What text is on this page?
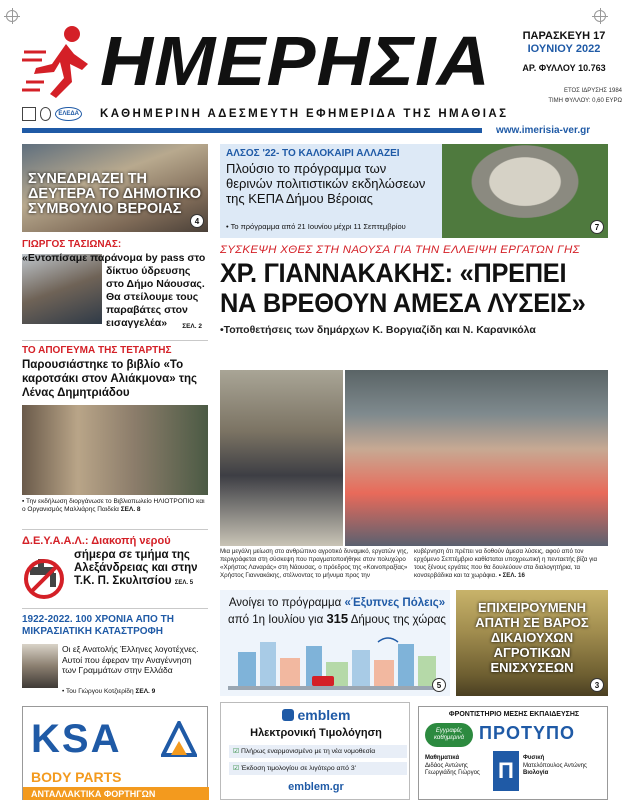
ΗΜΕΡΗΣΙΑ	ΠΑΡΑΣΚΕΥΗ 17
ΙΟΥΝΙΟΥ 2022
ΑΡ. ΦΥΛΛΟΥ 10.763
ΕΤΟΣ ΙΔΡΥΣΗΣ 1984
ΤΙΜΗ ΦΥΛΛΟΥ: 0,60 ΕΥΡΩ
ΕΛΕΔΑ ΚΑΘΗΜΕΡΙΝΗ ΑΔΕΣΜΕΥΤΗ ΕΦΗΜΕΡΙΔΑ ΤΗΣ ΗΜΑΘΙΑΣ
www.imerisia-ver.gr
ΣΥΝΕΔΡΙΑΖΕΙ ΤΗ ΔΕΥΤΕΡΑ ΤΟ ΔΗΜΟΤΙΚΟ ΣΥΜΒΟΥΛΙΟ ΒΕΡΟΙΑΣ
4
ΑΛΣΟΣ '22- ΤΟ ΚΑΛΟΚΑΙΡΙ ΑΛΛΑΖΕΙ
Πλούσιο το πρόγραμμα των θερινών πολιτιστικών εκδηλώσεων της ΚΕΠΑ Δήμου Βέροιας
• Το πρόγραμμα από 21 Ιουνίου μέχρι 11 Σεπτεμβρίου	7
ΓΙΩΡΓΟΣ ΤΑΣΙΩΝΑΣ:
«Εντοπίσαμε παράνομα by pass στο δίκτυο ύδρευσης στο Δήμο Νάουσας. Θα στείλουμε τους παραβάτες στον εισαγγελέα»	ΣΕΛ. 2
ΣΥΣΚΕΨΗ ΧΘΕΣ ΣΤΗ ΝΑΟΥΣΑ ΓΙΑ ΤΗΝ ΕΛΛΕΙΨΗ ΕΡΓΑΤΩΝ ΓΗΣ
ΧΡ. ΓΙΑΝΝΑΚΑΚΗΣ: «ΠΡΕΠΕΙ
ΝΑ ΒΡΕΘΟΥΝ ΑΜΕΣΑ ΛΥΣΕΙΣ»
•Τοποθετήσεις των δημάρχων Κ. Βοργιαζίδη και Ν. Καρανικόλα
Μια μεγάλη μείωση στο ανθρώπινο αγροτικό δυναμικό, εργατών γης, περιγράφεται στη σύσκεψη που πραγματοποιήθηκε στον πολυχώρο «Χρήστος Λαναράς» στη Νάουσας, ο πρόεδρος της «Κοινοπραξίας» Χρήστος Γιαννακάκης, στέλνοντας το μήνυμα προς την
κυβέρνηση ότι πρέπει να δοθούν άμεσα λύσεις, αφού από τον ερχόμενο Σεπτέμβριο καθίσταται υποχρεωτική η πενταετής βίζα για τους ξένους εργάτες που θα δουλεύουν στα διαλογητήρια, τα κονσερβάδικα και τα χωράφια. • ΣΕΛ. 16
ΤΟ ΑΠΟΓΕΥΜΑ ΤΗΣ ΤΕΤΑΡΤΗΣ
Παρουσιάστηκε το βιβλίο «Το καροτσάκι στον Αλιάκμονα» της Λένας Δημητριάδου
▪ Την εκδήλωση διοργάνωσε το Βιβλιοπωλείο ΗΛΙΟΤΡΟΠΙΟ και ο Οργανισμός Μαλλιάρης Παιδεία ΣΕΛ. 8
Δ.Ε.Υ.Α.Α.Λ.: Διακοπή νερού
σήμερα σε τμήμα της Αλεξάνδρειας και στην Τ.Κ. Π. Σκυλιτσίου ΣΕΛ. 5
Ανοίγει το πρόγραμμα «Έξυπνες Πόλεις»
από 1η Ιουλίου για 315 Δήμους της χώρας
5
ΕΠΙΧΕΙΡΟΥΜΕΝΗ ΑΠΑΤΗ ΣΕ ΒΑΡΟΣ ΔΙΚΑΙΟΥΧΩΝ ΑΓΡΟΤΙΚΩΝ ΕΝΙΣΧΥΣΕΩΝ
3
1922-2022. 100 ΧΡΟΝΙΑ ΑΠΟ ΤΗ ΜΙΚΡΑΣΙΑΤΙΚΗ ΚΑΤΑΣΤΡΟΦΗ
Οι εξ Ανατολής Έλληνες λογοτέχνες. Αυτοί που έφεραν την Αναγέννηση των Γραμμάτων στην Ελλάδα
• Του Γιώργου Κοτζιερίδη ΣΕΛ. 9
KSA
BODY PARTS
ΑΝΤΑΛΛΑΚΤΙΚΑ ΦΟΡΤΗΓΩΝ
emblem
Ηλεκτρονική Τιμολόγηση
☑ Πλήρως εναρμονισμένο με τη νέα νομοθεσία
☑ Έκδοση τιμολογίου σε λιγότερο από 3'
emblem.gr
ΦΡΟΝΤΙΣΤΗΡΙΟ ΜΕΣΗΣ ΕΚΠΑΙΔΕΥΣΗΣ
Εγγραφές καθημερινά ΠΡΟΤΥΠΟ
Π
Μαθηματικά
Διδάος Αντώνης
Γεωργιάδης Γιώργος
Φυσική
Ματελόπουλος Αντώνης
Βιολογία
